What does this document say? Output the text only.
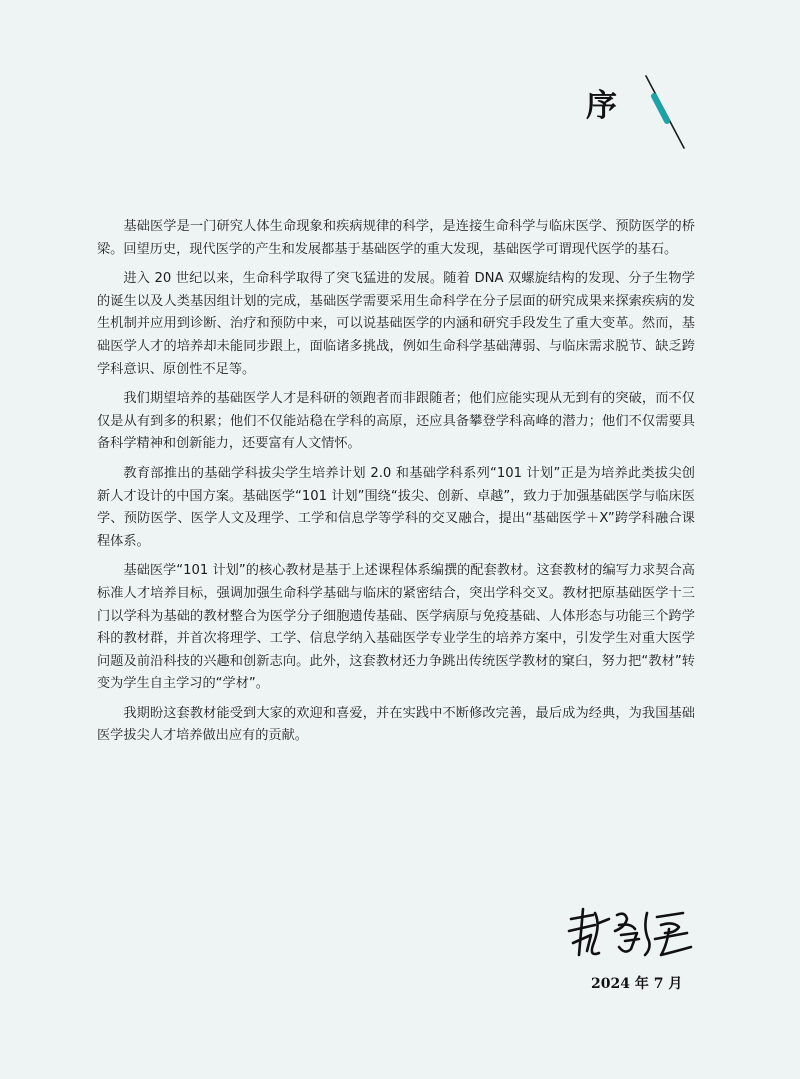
序

基础医学是一门研究人体生命现象和疾病规律的科学，是连接生命科学与临床医学、预防医学的桥梁。回望历史，现代医学的产生和发展都基于基础医学的重大发现，基础医学可谓现代医学的基石。

进入 20 世纪以来，生命科学取得了突飞猛进的发展。随着 DNA 双螺旋结构的发现、分子生物学的诞生以及人类基因组计划的完成，基础医学需要采用生命科学在分子层面的研究成果来探索疾病的发生机制并应用到诊断、治疗和预防中来，可以说基础医学的内涵和研究手段发生了重大变革。然而，基础医学人才的培养却未能同步跟上，面临诸多挑战，例如生命科学基础薄弱、与临床需求脱节、缺乏跨学科意识、原创性不足等。

我们期望培养的基础医学人才是科研的领跑者而非跟随者；他们应能实现从无到有的突破，而不仅仅是从有到多的积累；他们不仅能站稳在学科的高原，还应具备攀登学科高峰的潜力；他们不仅需要具备科学精神和创新能力，还要富有人文情怀。

教育部推出的基础学科拔尖学生培养计划 2.0 和基础学科系列“101 计划”正是为培养此类拔尖创新人才设计的中国方案。基础医学“101 计划”围绕“拔尖、创新、卓越”，致力于加强基础医学与临床医学、预防医学、医学人文及理学、工学和信息学等学科的交叉融合，提出“基础医学＋X”跨学科融合课程体系。

基础医学“101 计划”的核心教材是基于上述课程体系编撰的配套教材。这套教材的编写力求契合高标准人才培养目标，强调加强生命科学基础与临床的紧密结合，突出学科交叉。教材把原基础医学十三门以学科为基础的教材整合为医学分子细胞遗传基础、医学病原与免疫基础、人体形态与功能三个跨学科的教材群，并首次将理学、工学、信息学纳入基础医学专业学生的培养方案中，引发学生对重大医学问题及前沿科技的兴趣和创新志向。此外，这套教材还力争跳出传统医学教材的窠臼，努力把“教材”转变为学生自主学习的“学材”。

我期盼这套教材能受到大家的欢迎和喜爱，并在实践中不断修改完善，最后成为经典，为我国基础医学拔尖人才培养做出应有的贡献。

2024 年 7 月
